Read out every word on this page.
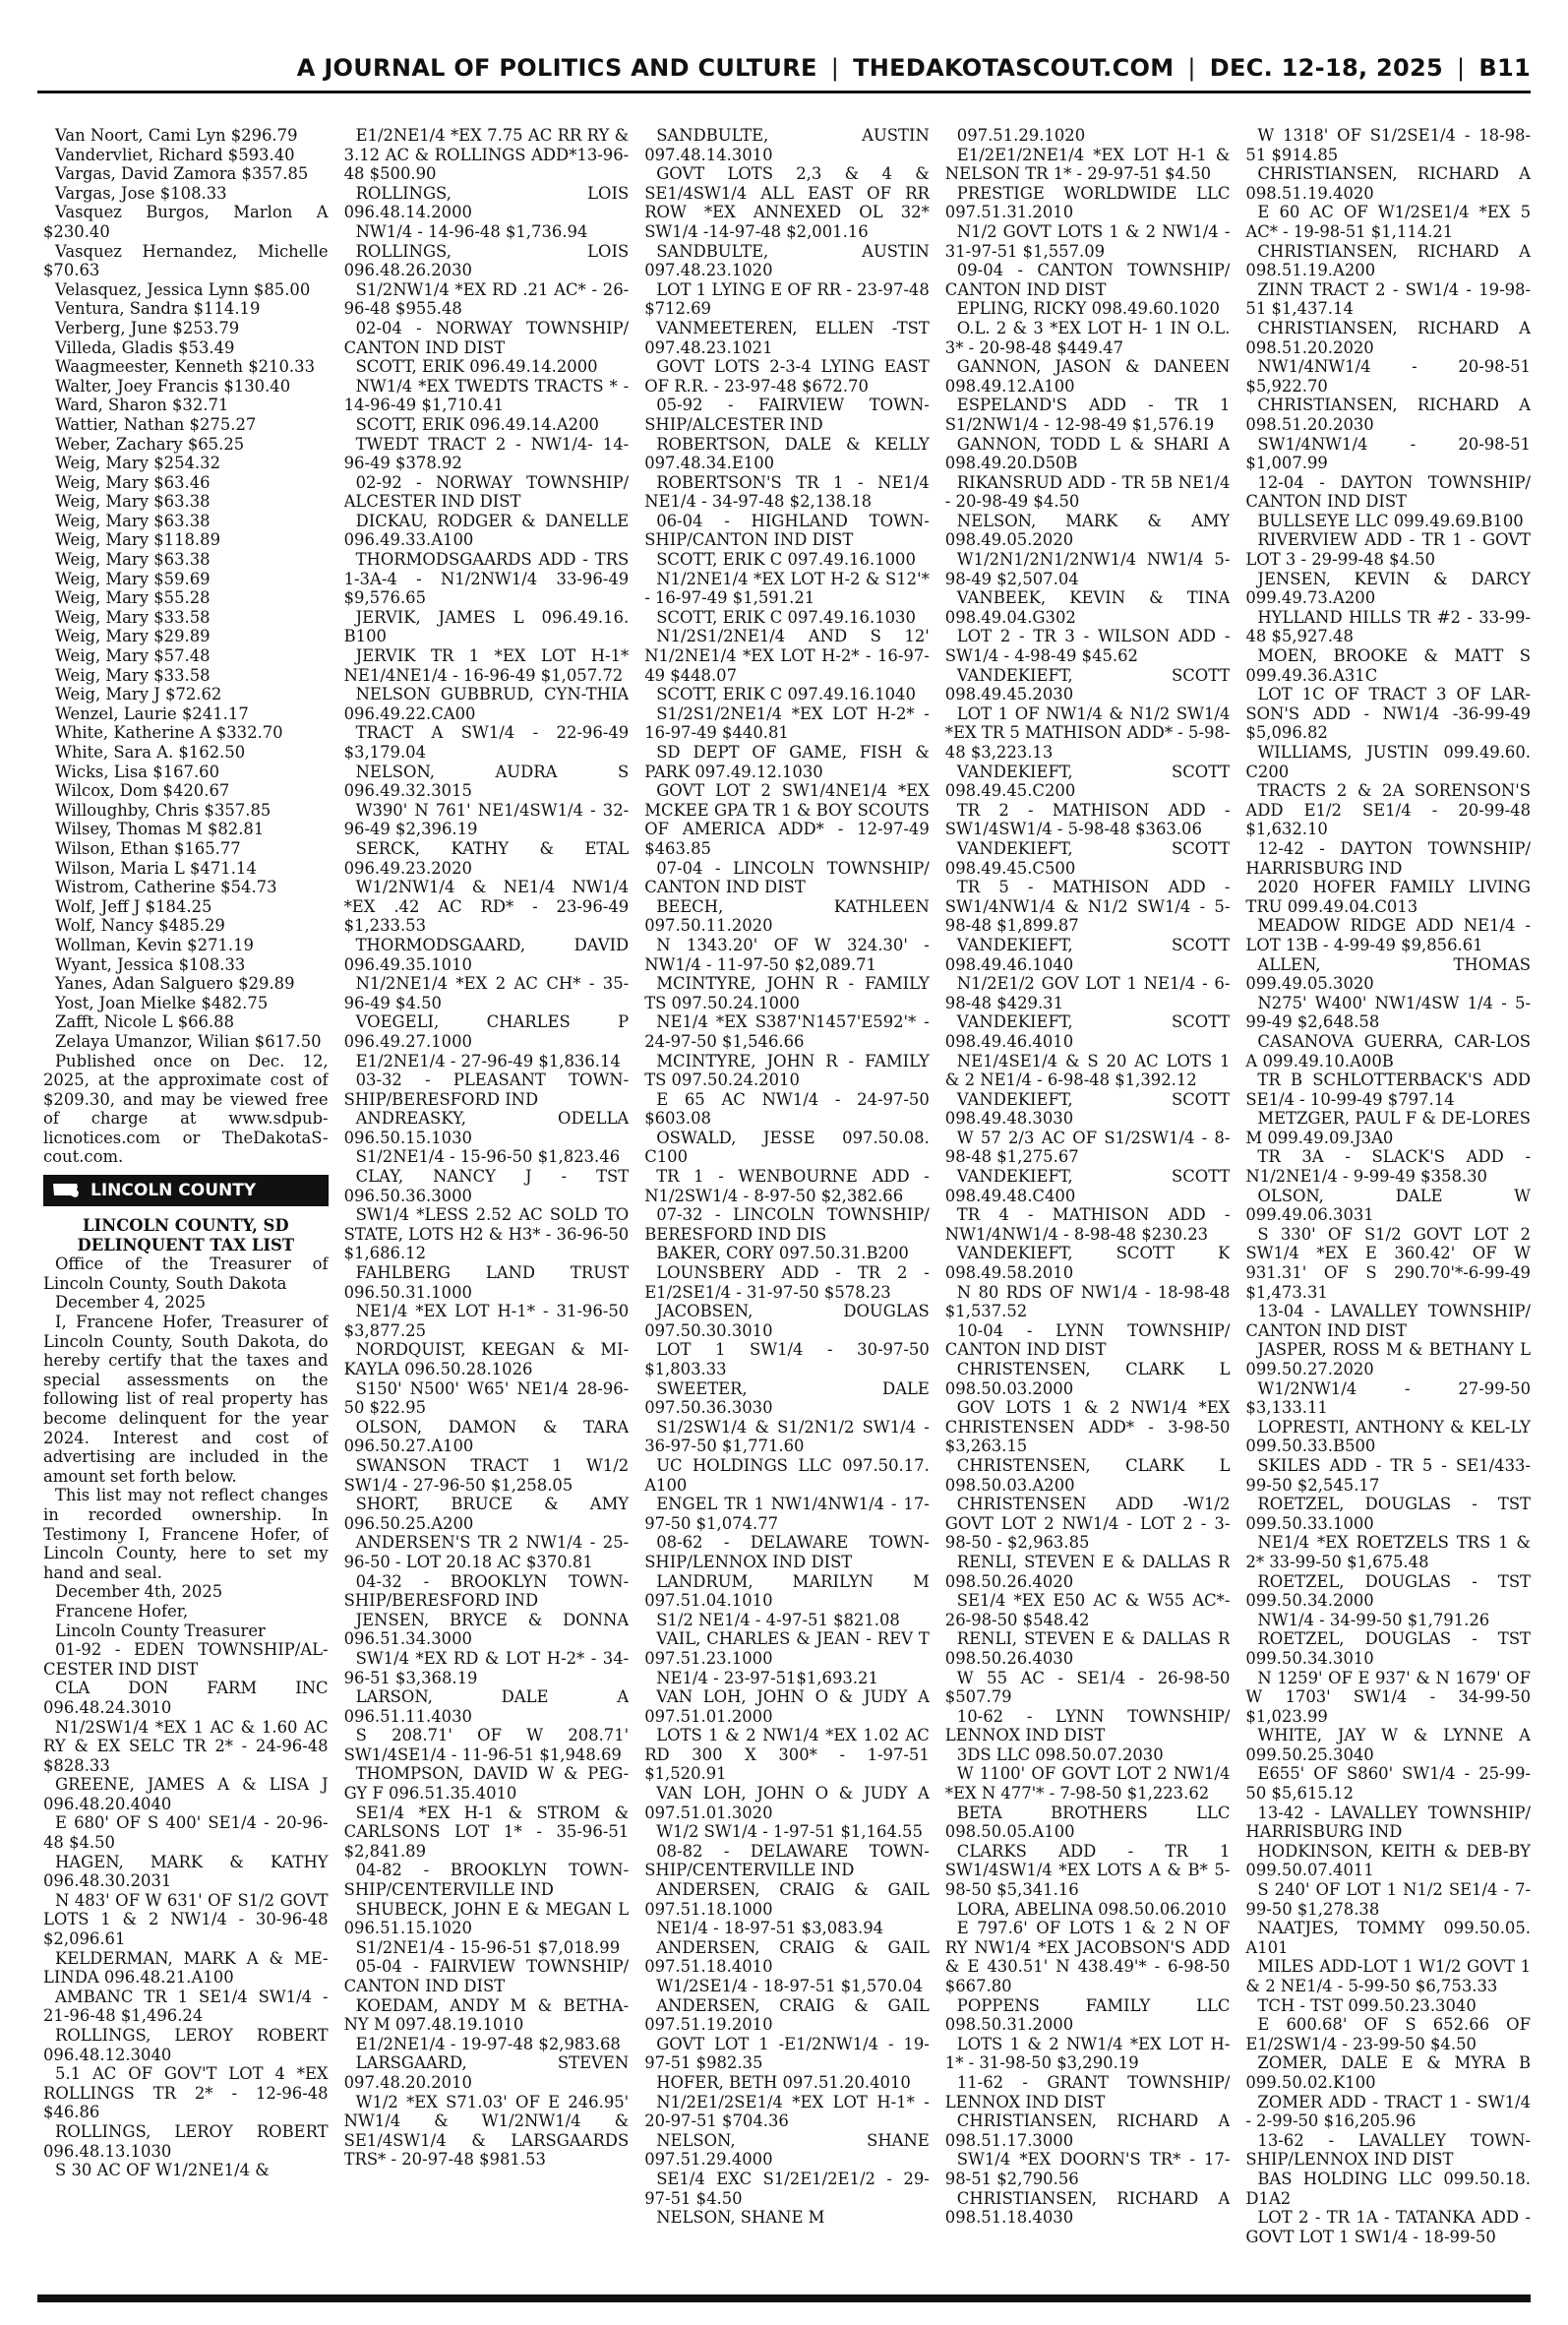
A JOURNAL OF POLITICS AND CULTURE | THEDAKOTASCOUT.COM | DEC. 12-18, 2025 | B11

Van Noort, Cami Lyn $296.79

Vandervliet, Richard $593.40

Vargas, David Zamora $357.85

Vargas, Jose $108.33

Vasquez Burgos, Marlon A $230.40

Vasquez Hernandez, Michelle $70.63

Velasquez, Jessica Lynn $85.00

Ventura, Sandra $114.19

Verberg, June $253.79

Villeda, Gladis $53.49

Waagmeester, Kenneth $210.33

Walter, Joey Francis $130.40

Ward, Sharon $32.71

Wattier, Nathan $275.27

Weber, Zachary $65.25

Weig, Mary $254.32

Weig, Mary $63.46

Weig, Mary $63.38

Weig, Mary $63.38

Weig, Mary $118.89

Weig, Mary $63.38

Weig, Mary $59.69

Weig, Mary $55.28

Weig, Mary $33.58

Weig, Mary $29.89

Weig, Mary $57.48

Weig, Mary $33.58

Weig, Mary J $72.62

Wenzel, Laurie $241.17

White, Katherine A $332.70

White, Sara A. $162.50

Wicks, Lisa $167.60

Wilcox, Dom $420.67

Willoughby, Chris $357.85

Wilsey, Thomas M $82.81

Wilson, Ethan $165.77

Wilson, Maria L $471.14

Wistrom, Catherine $54.73

Wolf, Jeff J $184.25

Wolf, Nancy $485.29

Wollman, Kevin $271.19

Wyant, Jessica $108.33

Yanes, Adan Salguero $29.89

Yost, Joan Mielke $482.75

Zafft, Nicole L $66.88

Zelaya Umanzor, Wilian $617.50

Published once on Dec. 12, 2025, at the approximate cost of $209.30, and may be viewed free of charge at www.sdpub-licnotices.com or TheDakotaS-cout.com.

LINCOLN COUNTY

LINCOLN COUNTY, SD

DELINQUENT TAX LIST

Office of the Treasurer of Lincoln County, South Dakota

December 4, 2025

I, Francene Hofer, Treasurer of Lincoln County, South Dakota, do hereby certify that the taxes and special assessments on the following list of real property has become delinquent for the year 2024. Interest and cost of advertising are included in the amount set forth below.

This list may not reflect changes in recorded ownership. In Testimony I, Francene Hofer, of Lincoln County, here to set my hand and seal.

December 4th, 2025

Francene Hofer,

Lincoln County Treasurer

01-92 - EDEN TOWNSHIP/AL-CESTER IND DIST

CLA DON FARM INC 096.48.24.3010

N1/2SW1/4 *EX 1 AC & 1.60 AC RY & EX SELC TR 2* - 24-96-48 $828.33

GREENE, JAMES A & LISA J 096.48.20.4040

E 680' OF S 400' SE1/4 - 20-96-48 $4.50

HAGEN, MARK & KATHY 096.48.30.2031

N 483' OF W 631' OF S1/2 GOVT LOTS 1 & 2 NW1/4 - 30-96-48 $2,096.61

KELDERMAN, MARK A & ME-LINDA 096.48.21.A100

AMBANC TR 1 SE1/4 SW1/4 - 21-96-48 $1,496.24

ROLLINGS, LEROY ROBERT 096.48.12.3040

5.1 AC OF GOV'T LOT 4 *EX ROLLINGS TR 2* - 12-96-48 $46.86

ROLLINGS, LEROY ROBERT 096.48.13.1030

S 30 AC OF W1/2NE1/4 &

E1/2NE1/4 *EX 7.75 AC RR RY & 3.12 AC & ROLLINGS ADD*13-96-48 $500.90

ROLLINGS, LOIS 096.48.14.2000

NW1/4 - 14-96-48 $1,736.94

ROLLINGS, LOIS 096.48.26.2030

S1/2NW1/4 *EX RD .21 AC* - 26-96-48 $955.48

02-04 - NORWAY TOWNSHIP/ CANTON IND DIST

SCOTT, ERIK 096.49.14.2000

NW1/4 *EX TWEDTS TRACTS * - 14-96-49 $1,710.41

SCOTT, ERIK 096.49.14.A200

TWEDT TRACT 2 - NW1/4- 14-96-49 $378.92

02-92 - NORWAY TOWNSHIP/ ALCESTER IND DIST

DICKAU, RODGER & DANELLE 096.49.33.A100

THORMODSGAARDS ADD - TRS 1-3A-4 - N1/2NW1/4 33-96-49 $9,576.65

JERVIK, JAMES L 096.49.16. B100

JERVIK TR 1 *EX LOT H-1* NE1/4NE1/4 - 16-96-49 $1,057.72

NELSON GUBBRUD, CYN-THIA 096.49.22.CA00

TRACT A SW1/4 - 22-96-49 $3,179.04

NELSON, AUDRA S 096.49.32.3015

W390' N 761' NE1/4SW1/4 - 32-96-49 $2,396.19

SERCK, KATHY & ETAL 096.49.23.2020

W1/2NW1/4 & NE1/4 NW1/4 *EX .42 AC RD* - 23-96-49 $1,233.53

THORMODSGAARD, DAVID 096.49.35.1010

N1/2NE1/4 *EX 2 AC CH* - 35-96-49 $4.50

VOEGELI, CHARLES P 096.49.27.1000

E1/2NE1/4 - 27-96-49 $1,836.14

03-32 - PLEASANT TOWN-SHIP/BERESFORD IND

ANDREASKY, ODELLA 096.50.15.1030

S1/2NE1/4 - 15-96-50 $1,823.46

CLAY, NANCY J - TST 096.50.36.3000

SW1/4 *LESS 2.52 AC SOLD TO STATE, LOTS H2 & H3* - 36-96-50 $1,686.12

FAHLBERG LAND TRUST 096.50.31.1000

NE1/4 *EX LOT H-1* - 31-96-50 $3,877.25

NORDQUIST, KEEGAN & MI-KAYLA 096.50.28.1026

S150' N500' W65' NE1/4 28-96-50 $22.95

OLSON, DAMON & TARA 096.50.27.A100

SWANSON TRACT 1 W1/2 SW1/4 - 27-96-50 $1,258.05

SHORT, BRUCE & AMY 096.50.25.A200

ANDERSEN'S TR 2 NW1/4 - 25-96-50 - LOT 20.18 AC $370.81

04-32 - BROOKLYN TOWN-SHIP/BERESFORD IND

JENSEN, BRYCE & DONNA 096.51.34.3000

SW1/4 *EX RD & LOT H-2* - 34-96-51 $3,368.19

LARSON, DALE A 096.51.11.4030

S 208.71' OF W 208.71' SW1/4SE1/4 - 11-96-51 $1,948.69

THOMPSON, DAVID W & PEG-GY F 096.51.35.4010

SE1/4 *EX H-1 & STROM & CARLSONS LOT 1* - 35-96-51 $2,841.89

04-82 - BROOKLYN TOWN-SHIP/CENTERVILLE IND

SHUBECK, JOHN E & MEGAN L 096.51.15.1020

S1/2NE1/4 - 15-96-51 $7,018.99

05-04 - FAIRVIEW TOWNSHIP/ CANTON IND DIST

KOEDAM, ANDY M & BETHA-NY M 097.48.19.1010

E1/2NE1/4 - 19-97-48 $2,983.68

LARSGAARD, STEVEN 097.48.20.2010

W1/2 *EX S71.03' OF E 246.95' NW1/4 & W1/2NW1/4 & SE1/4SW1/4 & LARSGAARDS TRS* - 20-97-48 $981.53

SANDBULTE, AUSTIN 097.48.14.3010

GOVT LOTS 2,3 & 4 & SE1/4SW1/4 ALL EAST OF RR ROW *EX ANNEXED OL 32* SW1/4 -14-97-48 $2,001.16

SANDBULTE, AUSTIN 097.48.23.1020

LOT 1 LYING E OF RR - 23-97-48 $712.69

VANMEETEREN, ELLEN -TST 097.48.23.1021

GOVT LOTS 2-3-4 LYING EAST OF R.R. - 23-97-48 $672.70

05-92 - FAIRVIEW TOWN-SHIP/ALCESTER IND

ROBERTSON, DALE & KELLY 097.48.34.E100

ROBERTSON'S TR 1 - NE1/4 NE1/4 - 34-97-48 $2,138.18

06-04 - HIGHLAND TOWN-SHIP/CANTON IND DIST

SCOTT, ERIK C 097.49.16.1000

N1/2NE1/4 *EX LOT H-2 & S12'* - 16-97-49 $1,591.21

SCOTT, ERIK C 097.49.16.1030

N1/2S1/2NE1/4 AND S 12' N1/2NE1/4 *EX LOT H-2* - 16-97-49 $448.07

SCOTT, ERIK C 097.49.16.1040

S1/2S1/2NE1/4 *EX LOT H-2* - 16-97-49 $440.81

SD DEPT OF GAME, FISH & PARK 097.49.12.1030

GOVT LOT 2 SW1/4NE1/4 *EX MCKEE GPA TR 1 & BOY SCOUTS OF AMERICA ADD* - 12-97-49 $463.85

07-04 - LINCOLN TOWNSHIP/ CANTON IND DIST

BEECH, KATHLEEN 097.50.11.2020

N 1343.20' OF W 324.30' - NW1/4 - 11-97-50 $2,089.71

MCINTYRE, JOHN R - FAMILY TS 097.50.24.1000

NE1/4 *EX S387'N1457'E592'* - 24-97-50 $1,546.66

MCINTYRE, JOHN R - FAMILY TS 097.50.24.2010

E 65 AC NW1/4 - 24-97-50 $603.08

OSWALD, JESSE 097.50.08. C100

TR 1 - WENBOURNE ADD - N1/2SW1/4 - 8-97-50 $2,382.66

07-32 - LINCOLN TOWNSHIP/ BERESFORD IND DIS

BAKER, CORY 097.50.31.B200

LOUNSBERY ADD - TR 2 - E1/2SE1/4 - 31-97-50 $578.23

JACOBSEN, DOUGLAS 097.50.30.3010

LOT 1 SW1/4 - 30-97-50 $1,803.33

SWEETER, DALE 097.50.36.3030

S1/2SW1/4 & S1/2N1/2 SW1/4 - 36-97-50 $1,771.60

UC HOLDINGS LLC 097.50.17. A100

ENGEL TR 1 NW1/4NW1/4 - 17-97-50 $1,074.77

08-62 - DELAWARE TOWN-SHIP/LENNOX IND DIST

LANDRUM, MARILYN M 097.51.04.1010

S1/2 NE1/4 - 4-97-51 $821.08

VAIL, CHARLES & JEAN - REV T 097.51.23.1000

NE1/4 - 23-97-51$1,693.21

VAN LOH, JOHN O & JUDY A 097.51.01.2000

LOTS 1 & 2 NW1/4 *EX 1.02 AC RD 300 X 300* - 1-97-51 $1,520.91

VAN LOH, JOHN O & JUDY A 097.51.01.3020

W1/2 SW1/4 - 1-97-51 $1,164.55

08-82 - DELAWARE TOWN-SHIP/CENTERVILLE IND

ANDERSEN, CRAIG & GAIL 097.51.18.1000

NE1/4 - 18-97-51 $3,083.94

ANDERSEN, CRAIG & GAIL 097.51.18.4010

W1/2SE1/4 - 18-97-51 $1,570.04

ANDERSEN, CRAIG & GAIL 097.51.19.2010

GOVT LOT 1 -E1/2NW1/4 - 19-97-51 $982.35

HOFER, BETH 097.51.20.4010

N1/2E1/2SE1/4 *EX LOT H-1* - 20-97-51 $704.36

NELSON, SHANE 097.51.29.4000

SE1/4 EXC S1/2E1/2E1/2 - 29-97-51 $4.50

NELSON, SHANE M

097.51.29.1020

E1/2E1/2NE1/4 *EX LOT H-1 & NELSON TR 1* - 29-97-51 $4.50

PRESTIGE WORLDWIDE LLC 097.51.31.2010

N1/2 GOVT LOTS 1 & 2 NW1/4 - 31-97-51 $1,557.09

09-04 - CANTON TOWNSHIP/ CANTON IND DIST

EPLING, RICKY 098.49.60.1020

O.L. 2 & 3 *EX LOT H- 1 IN O.L. 3* - 20-98-48 $449.47

GANNON, JASON & DANEEN 098.49.12.A100

ESPELAND'S ADD - TR 1 S1/2NW1/4 - 12-98-49 $1,576.19

GANNON, TODD L & SHARI A 098.49.20.D50B

RIKANSRUD ADD - TR 5B NE1/4 - 20-98-49 $4.50

NELSON, MARK & AMY 098.49.05.2020

W1/2N1/2N1/2NW1/4 NW1/4 5-98-49 $2,507.04

VANBEEK, KEVIN & TINA 098.49.04.G302

LOT 2 - TR 3 - WILSON ADD - SW1/4 - 4-98-49 $45.62

VANDEKIEFT, SCOTT 098.49.45.2030

LOT 1 OF NW1/4 & N1/2 SW1/4 *EX TR 5 MATHISON ADD* - 5-98-48 $3,223.13

VANDEKIEFT, SCOTT 098.49.45.C200

TR 2 - MATHISON ADD - SW1/4SW1/4 - 5-98-48 $363.06

VANDEKIEFT, SCOTT 098.49.45.C500

TR 5 - MATHISON ADD - SW1/4NW1/4 & N1/2 SW1/4 - 5-98-48 $1,899.87

VANDEKIEFT, SCOTT 098.49.46.1040

N1/2E1/2 GOV LOT 1 NE1/4 - 6-98-48 $429.31

VANDEKIEFT, SCOTT 098.49.46.4010

NE1/4SE1/4 & S 20 AC LOTS 1 & 2 NE1/4 - 6-98-48 $1,392.12

VANDEKIEFT, SCOTT 098.49.48.3030

W 57 2/3 AC OF S1/2SW1/4 - 8-98-48 $1,275.67

VANDEKIEFT, SCOTT 098.49.48.C400

TR 4 - MATHISON ADD - NW1/4NW1/4 - 8-98-48 $230.23

VANDEKIEFT, SCOTT K 098.49.58.2010

N 80 RDS OF NW1/4 - 18-98-48 $1,537.52

10-04 - LYNN TOWNSHIP/ CANTON IND DIST

CHRISTENSEN, CLARK L 098.50.03.2000

GOV LOTS 1 & 2 NW1/4 *EX CHRISTENSEN ADD* - 3-98-50 $3,263.15

CHRISTENSEN, CLARK L 098.50.03.A200

CHRISTENSEN ADD -W1/2 GOVT LOT 2 NW1/4 - LOT 2 - 3-98-50 - $2,963.85

RENLI, STEVEN E & DALLAS R 098.50.26.4020

SE1/4 *EX E50 AC & W55 AC*- 26-98-50 $548.42

RENLI, STEVEN E & DALLAS R 098.50.26.4030

W 55 AC - SE1/4 - 26-98-50 $507.79

10-62 - LYNN TOWNSHIP/ LENNOX IND DIST

3DS LLC 098.50.07.2030

W 1100' OF GOVT LOT 2 NW1/4 *EX N 477'* - 7-98-50 $1,223.62

BETA BROTHERS LLC 098.50.05.A100

CLARKS ADD - TR 1 SW1/4SW1/4 *EX LOTS A & B* 5-98-50 $5,341.16

LORA, ABELINA 098.50.06.2010

E 797.6' OF LOTS 1 & 2 N OF RY NW1/4 *EX JACOBSON'S ADD & E 430.51' N 438.49'* - 6-98-50 $667.80

POPPENS FAMILY LLC 098.50.31.2000

LOTS 1 & 2 NW1/4 *EX LOT H-1* - 31-98-50 $3,290.19

11-62 - GRANT TOWNSHIP/ LENNOX IND DIST

CHRISTIANSEN, RICHARD A 098.51.17.3000

SW1/4 *EX DOORN'S TR* - 17-98-51 $2,790.56

CHRISTIANSEN, RICHARD A 098.51.18.4030

W 1318' OF S1/2SE1/4 - 18-98-51 $914.85

CHRISTIANSEN, RICHARD A 098.51.19.4020

E 60 AC OF W1/2SE1/4 *EX 5 AC* - 19-98-51 $1,114.21

CHRISTIANSEN, RICHARD A 098.51.19.A200

ZINN TRACT 2 - SW1/4 - 19-98-51 $1,437.14

CHRISTIANSEN, RICHARD A 098.51.20.2020

NW1/4NW1/4 - 20-98-51 $5,922.70

CHRISTIANSEN, RICHARD A 098.51.20.2030

SW1/4NW1/4 - 20-98-51 $1,007.99

12-04 - DAYTON TOWNSHIP/ CANTON IND DIST

BULLSEYE LLC 099.49.69.B100

RIVERVIEW ADD - TR 1 - GOVT LOT 3 - 29-99-48 $4.50

JENSEN, KEVIN & DARCY 099.49.73.A200

HYLLAND HILLS TR #2 - 33-99-48 $5,927.48

MOEN, BROOKE & MATT S 099.49.36.A31C

LOT 1C OF TRACT 3 OF LAR-SON'S ADD - NW1/4 -36-99-49 $5,096.82

WILLIAMS, JUSTIN 099.49.60. C200

TRACTS 2 & 2A SORENSON'S ADD E1/2 SE1/4 - 20-99-48 $1,632.10

12-42 - DAYTON TOWNSHIP/ HARRISBURG IND

2020 HOFER FAMILY LIVING TRU 099.49.04.C013

MEADOW RIDGE ADD NE1/4 - LOT 13B - 4-99-49 $9,856.61

ALLEN, THOMAS 099.49.05.3020

N275' W400' NW1/4SW 1/4 - 5-99-49 $2,648.58

CASANOVA GUERRA, CAR-LOS A 099.49.10.A00B

TR B SCHLOTTERBACK'S ADD SE1/4 - 10-99-49 $797.14

METZGER, PAUL F & DE-LORES M 099.49.09.J3A0

TR 3A - SLACK'S ADD - N1/2NE1/4 - 9-99-49 $358.30

OLSON, DALE W 099.49.06.3031

S 330' OF S1/2 GOVT LOT 2 SW1/4 *EX E 360.42' OF W 931.31' OF S 290.70'*-6-99-49 $1,473.31

13-04 - LAVALLEY TOWNSHIP/ CANTON IND DIST

JASPER, ROSS M & BETHANY L 099.50.27.2020

W1/2NW1/4 - 27-99-50 $3,133.11

LOPRESTI, ANTHONY & KEL-LY 099.50.33.B500

SKILES ADD - TR 5 - SE1/433-99-50 $2,545.17

ROETZEL, DOUGLAS - TST 099.50.33.1000

NE1/4 *EX ROETZELS TRS 1 & 2* 33-99-50 $1,675.48

ROETZEL, DOUGLAS - TST 099.50.34.2000

NW1/4 - 34-99-50 $1,791.26

ROETZEL, DOUGLAS - TST 099.50.34.3010

N 1259' OF E 937' & N 1679' OF W 1703' SW1/4 - 34-99-50 $1,023.99

WHITE, JAY W & LYNNE A 099.50.25.3040

E655' OF S860' SW1/4 - 25-99-50 $5,615.12

13-42 - LAVALLEY TOWNSHIP/ HARRISBURG IND

HODKINSON, KEITH & DEB-BY 099.50.07.4011

S 240' OF LOT 1 N1/2 SE1/4 - 7-99-50 $1,278.38

NAATJES, TOMMY 099.50.05. A101

MILES ADD-LOT 1 W1/2 GOVT 1 & 2 NE1/4 - 5-99-50 $6,753.33

TCH - TST 099.50.23.3040

E 600.68' OF S 652.66 OF E1/2SW1/4 - 23-99-50 $4.50

ZOMER, DALE E & MYRA B 099.50.02.K100

ZOMER ADD - TRACT 1 - SW1/4 - 2-99-50 $16,205.96

13-62 - LAVALLEY TOWN-SHIP/LENNOX IND DIST

BAS HOLDING LLC 099.50.18. D1A2

LOT 2 - TR 1A - TATANKA ADD - GOVT LOT 1 SW1/4 - 18-99-50
